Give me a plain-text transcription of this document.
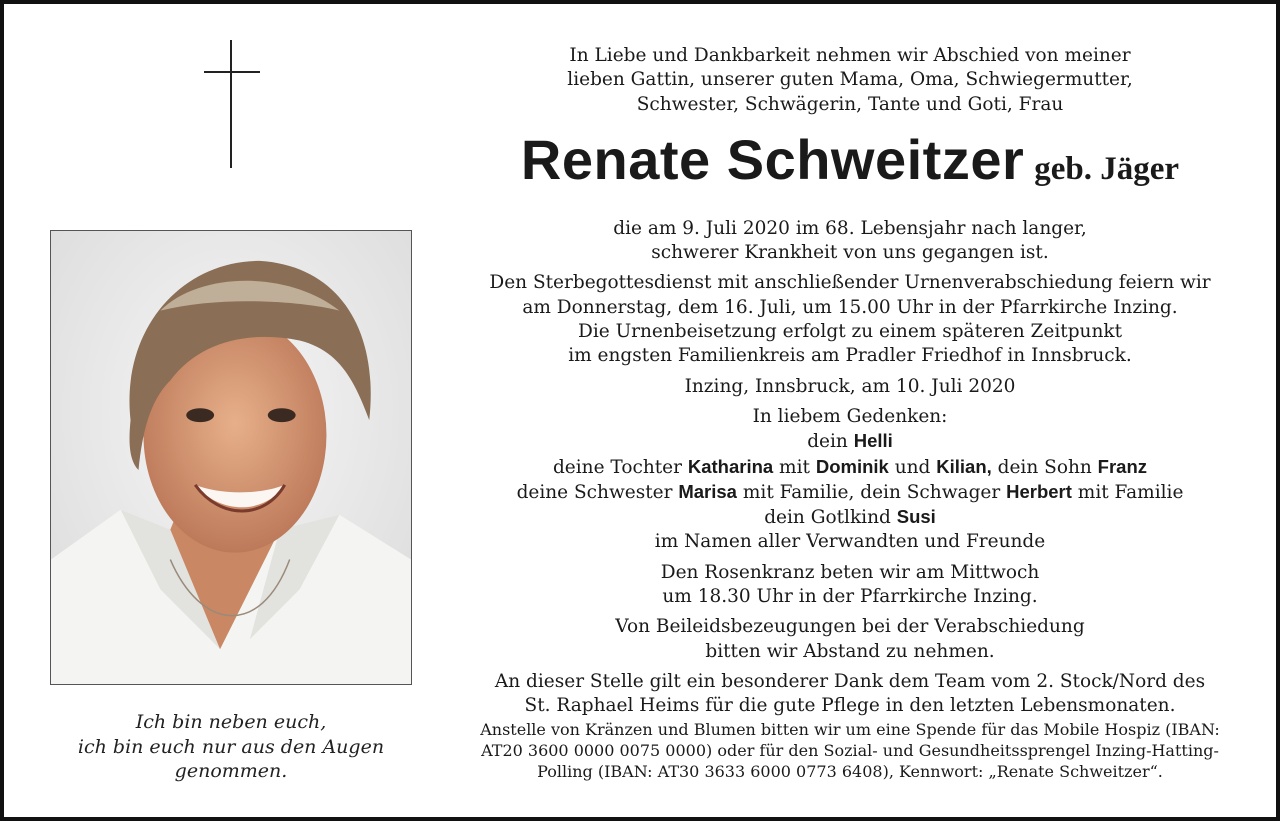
Ich bin neben euch,
ich bin euch nur aus den Augen
genommen.
In Liebe und Dankbarkeit nehmen wir Abschied von meiner
lieben Gattin, unserer guten Mama, Oma, Schwiegermutter,
Schwester, Schwägerin, Tante und Goti, Frau
Renate Schweitzer geb. Jäger
die am 9. Juli 2020 im 68. Lebensjahr nach langer,
schwerer Krankheit von uns gegangen ist.
Den Sterbegottesdienst mit anschließender Urnenverabschiedung feiern wir
am Donnerstag, dem 16. Juli, um 15.00 Uhr in der Pfarrkirche Inzing.
Die Urnenbeisetzung erfolgt zu einem späteren Zeitpunkt
im engsten Familienkreis am Pradler Friedhof in Innsbruck.
Inzing, Innsbruck, am 10. Juli 2020
In liebem Gedenken:
dein Helli
deine Tochter Katharina mit Dominik und Kilian, dein Sohn Franz
deine Schwester Marisa mit Familie, dein Schwager Herbert mit Familie
dein Gotlkind Susi
im Namen aller Verwandten und Freunde
Den Rosenkranz beten wir am Mittwoch
um 18.30 Uhr in der Pfarrkirche Inzing.
Von Beileidsbezeugungen bei der Verabschiedung
bitten wir Abstand zu nehmen.
An dieser Stelle gilt ein besonderer Dank dem Team vom 2. Stock/Nord des
St. Raphael Heims für die gute Pflege in den letzten Lebensmonaten.
Anstelle von Kränzen und Blumen bitten wir um eine Spende für das Mobile Hospiz (IBAN:
AT20 3600 0000 0075 0000) oder für den Sozial- und Gesundheitssprengel Inzing-Hatting-
Polling (IBAN: AT30 3633 6000 0773 6408), Kennwort: „Renate Schweitzer“.
